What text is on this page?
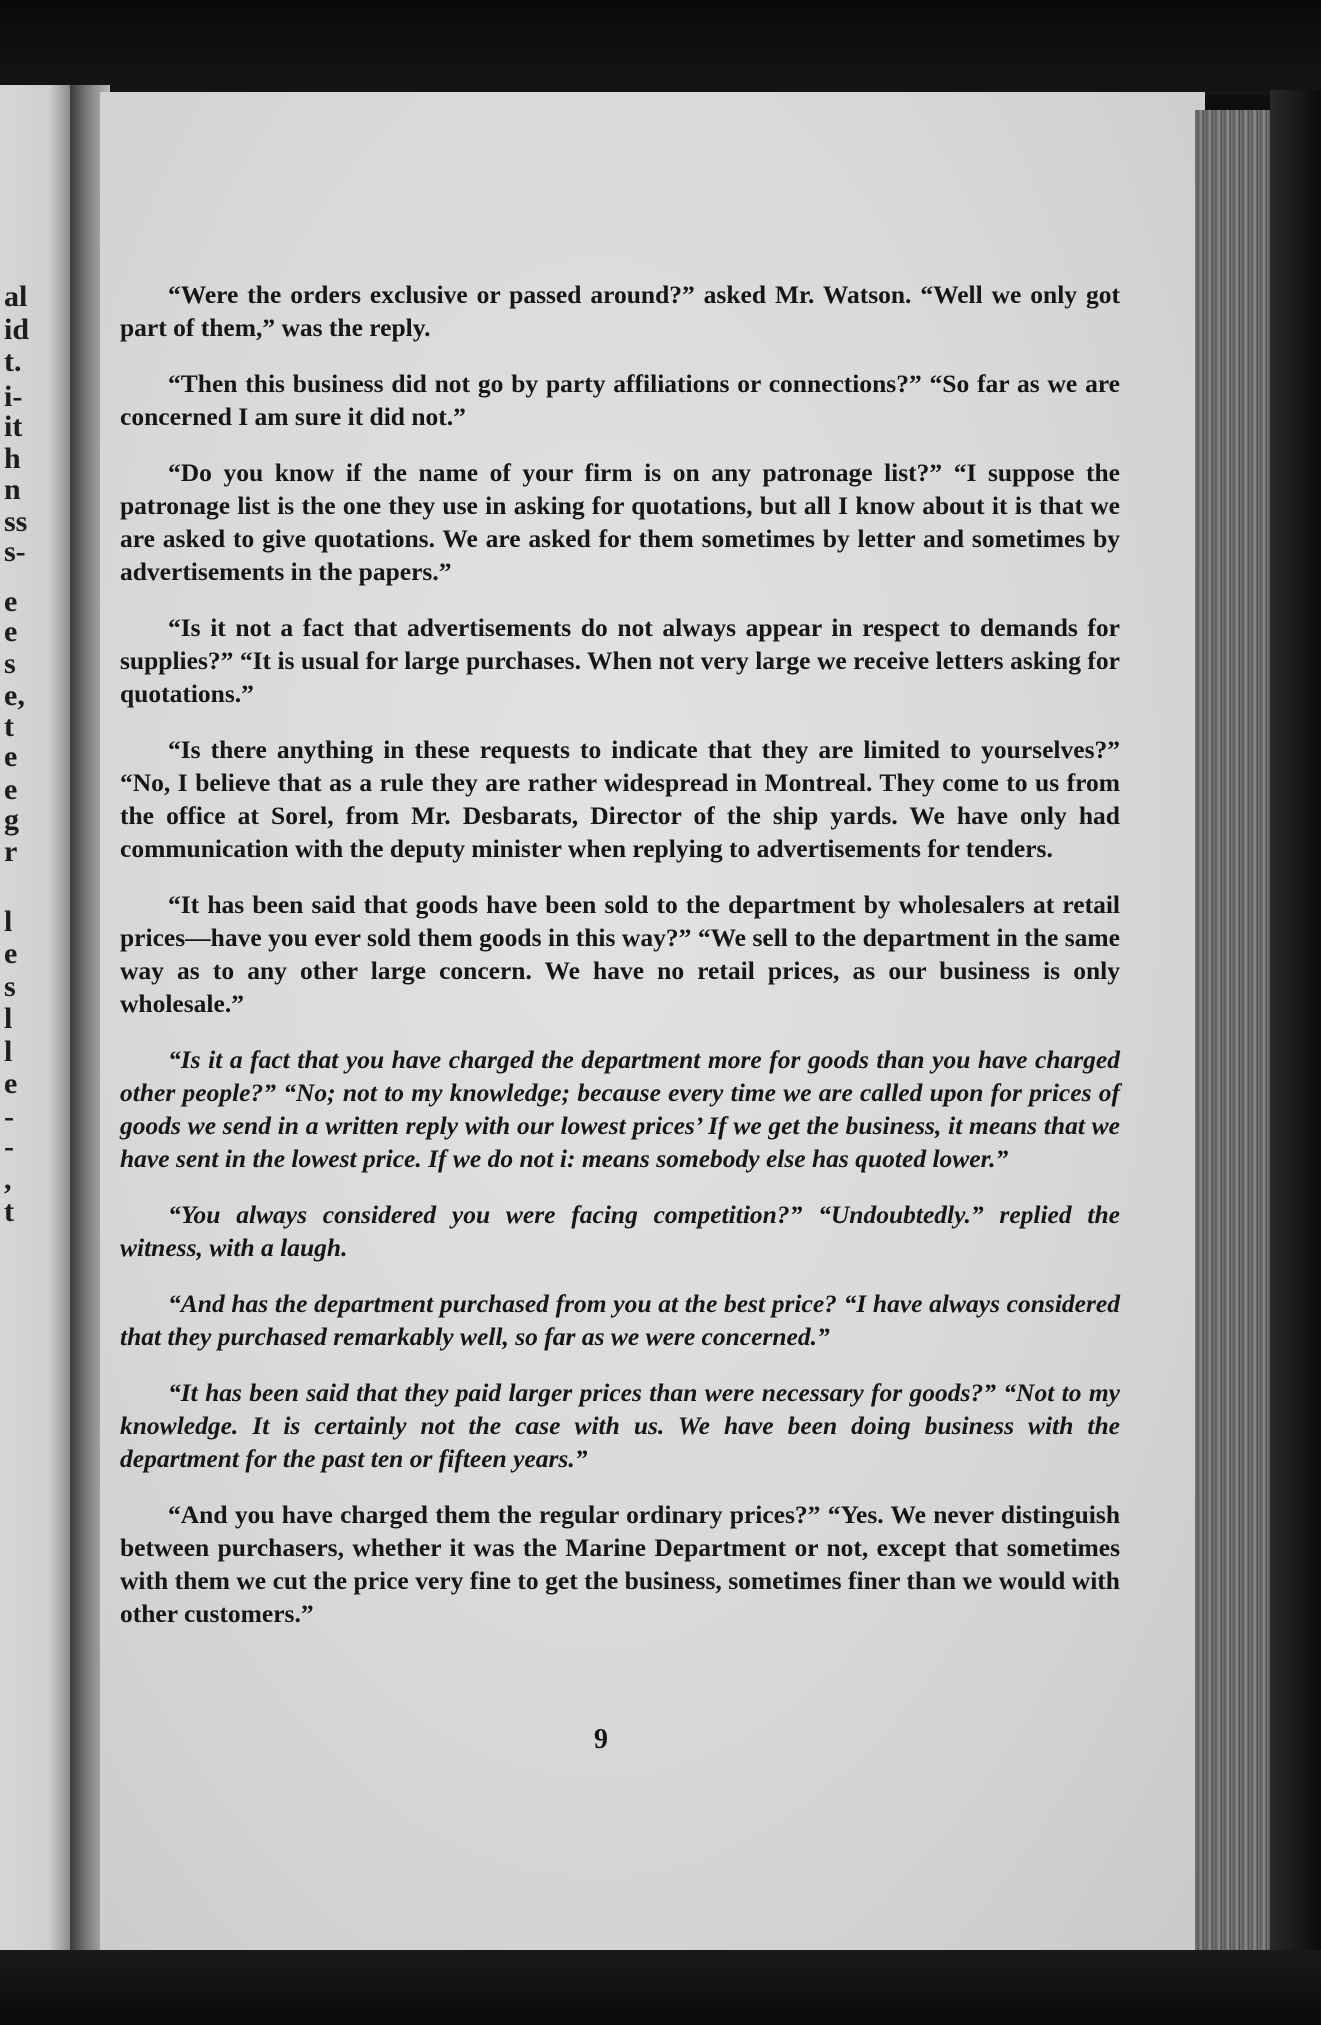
al
id
t.
i-
it
h
n
ss
s-
e
e
s
e,
t
e
e
g
r
l
e
s
l
l
e
-
-
,
t

“Were the orders exclusive or passed around?” asked Mr. Watson. “Well we only got part of them,” was the reply.

“Then this business did not go by party affiliations or connections?” “So far as we are concerned I am sure it did not.”

“Do you know if the name of your firm is on any patronage list?” “I suppose the patronage list is the one they use in asking for quotations, but all I know about it is that we are asked to give quotations. We are asked for them sometimes by letter and sometimes by advertisements in the papers.”

“Is it not a fact that advertisements do not always appear in respect to demands for supplies?” “It is usual for large purchases. When not very large we receive letters asking for quotations.”

“Is there anything in these requests to indicate that they are limited to yourselves?” “No, I believe that as a rule they are rather widespread in Montreal. They come to us from the office at Sorel, from Mr. Desbarats, Director of the ship yards. We have only had communication with the deputy minister when replying to advertisements for tenders.

“It has been said that goods have been sold to the department by wholesalers at retail prices—have you ever sold them goods in this way?” “We sell to the department in the same way as to any other large concern. We have no retail prices, as our business is only wholesale.”

“Is it a fact that you have charged the department more for goods than you have charged other people?” “No; not to my knowledge; because every time we are called upon for prices of goods we send in a written reply with our lowest prices’ If we get the business, it means that we have sent in the lowest price. If we do not i: means somebody else has quoted lower.”

“You always considered you were facing competition?” “Undoubtedly.” replied the witness, with a laugh.

“And has the department purchased from you at the best price? “I have always considered that they purchased remarkably well, so far as we were concerned.”

“It has been said that they paid larger prices than were necessary for goods?” “Not to my knowledge. It is certainly not the case with us. We have been doing business with the department for the past ten or fifteen years.”

“And you have charged them the regular ordinary prices?” “Yes. We never distinguish between purchasers, whether it was the Marine Department or not, except that sometimes with them we cut the price very fine to get the business, sometimes finer than we would with other customers.”

9
